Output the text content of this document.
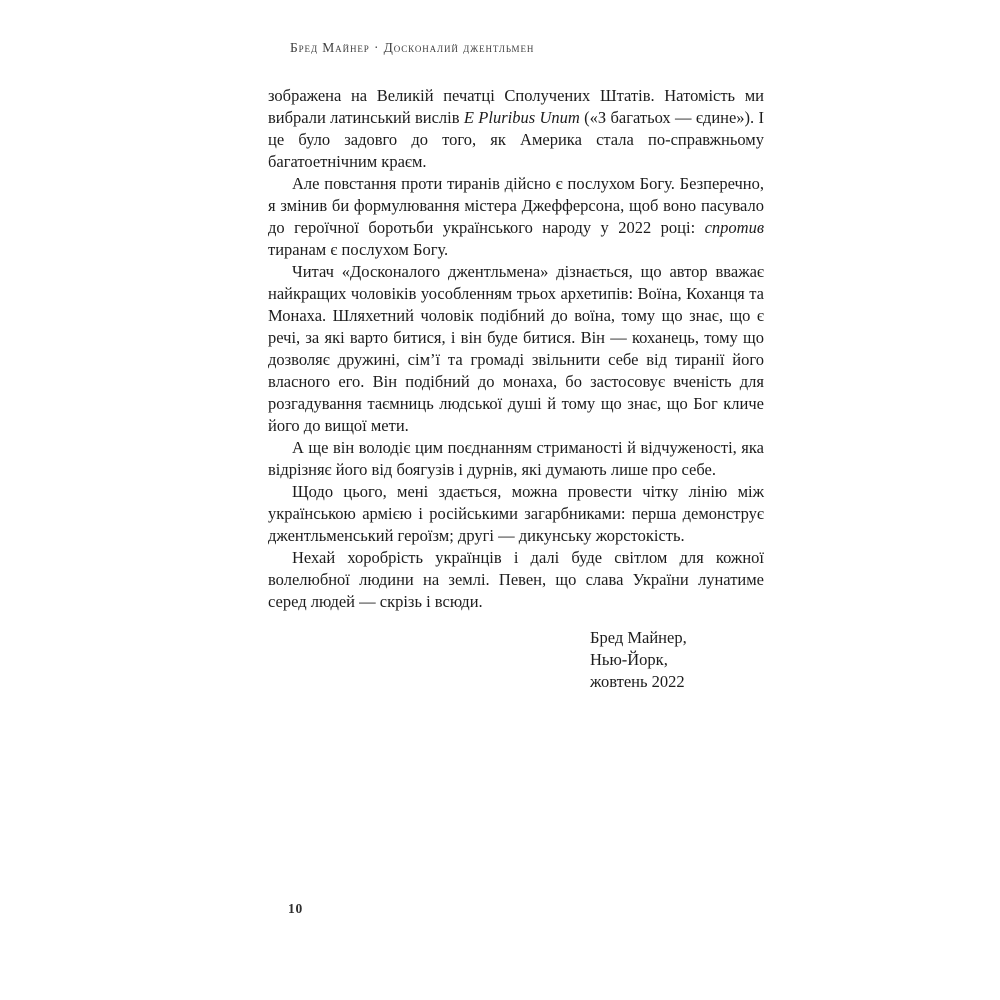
Бред Майнер · Досконалий джентльмен

зображена на Великій печатці Сполучених Штатів. Натомість ми вибрали латинський вислів E Pluribus Unum («З багатьох — єдине»). І це було задовго до того, як Америка стала по-справжньому багатоетнічним краєм.

Але повстання проти тиранів дійсно є послухом Богу. Безперечно, я змінив би формулювання містера Джефферсона, щоб воно пасувало до героїчної боротьби українського народу у 2022 році: спротив тиранам є послухом Богу.

Читач «Досконалого джентльмена» дізнається, що автор вважає найкращих чоловіків уособленням трьох архетипів: Воїна, Коханця та Монаха. Шляхетний чоловік подібний до воїна, тому що знає, що є речі, за які варто битися, і він буде битися. Він — коханець, тому що дозволяє дружині, сім’ї та громаді звільнити себе від тиранії його власного его. Він подібний до монаха, бо застосовує вченість для розгадування таємниць людської душі й тому що знає, що Бог кличе його до вищої мети.

А ще він володіє цим поєднанням стриманості й відчуженості, яка відрізняє його від боягузів і дурнів, які думають лише про себе.

Щодо цього, мені здається, можна провести чітку лінію між українською армією і російськими загарбниками: перша демонструє джентльменський героїзм; другі — дикунську жорстокість.

Нехай хоробрість українців і далі буде світлом для кожної волелюбної людини на землі. Певен, що слава України лунатиме серед людей — скрізь і всюди.

Бред Майнер,
Нью-Йорк,
жовтень 2022
10
